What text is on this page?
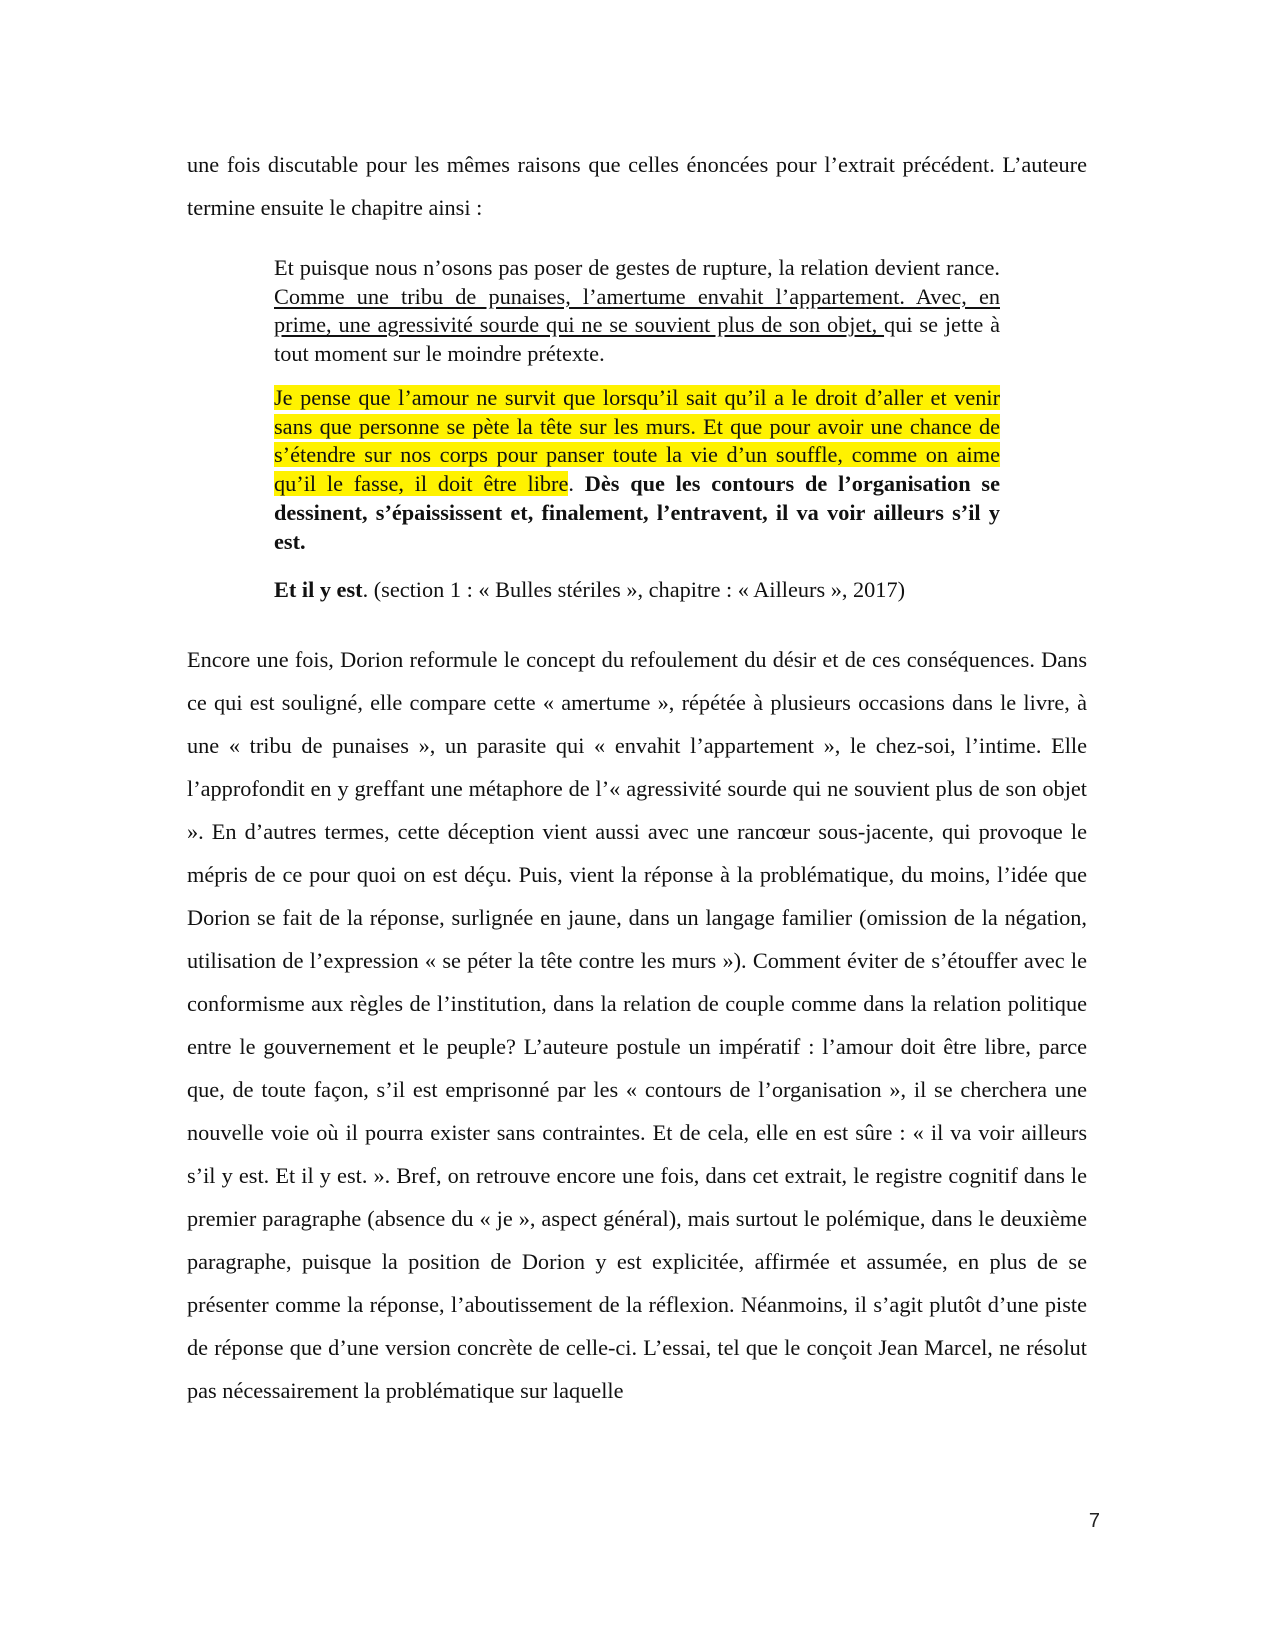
une fois discutable pour les mêmes raisons que celles énoncées pour l’extrait précédent. L’auteure termine ensuite le chapitre ainsi :

Et puisque nous n’osons pas poser de gestes de rupture, la relation devient rance. Comme une tribu de punaises, l’amertume envahit l’appartement. Avec, en prime, une agressivité sourde qui ne se souvient plus de son objet, qui se jette à tout moment sur le moindre prétexte.

Je pense que l’amour ne survit que lorsqu’il sait qu’il a le droit d’aller et venir sans que personne se pète la tête sur les murs. Et que pour avoir une chance de s’étendre sur nos corps pour panser toute la vie d’un souffle, comme on aime qu’il le fasse, il doit être libre. Dès que les contours de l’organisation se dessinent, s’épaississent et, finalement, l’entravent, il va voir ailleurs s’il y est.

Et il y est. (section 1 : « Bulles stériles », chapitre : « Ailleurs », 2017)

Encore une fois, Dorion reformule le concept du refoulement du désir et de ces conséquences. Dans ce qui est souligné, elle compare cette « amertume », répétée à plusieurs occasions dans le livre, à une « tribu de punaises », un parasite qui « envahit l’appartement », le chez-soi, l’intime. Elle l’approfondit en y greffant une métaphore de l’« agressivité sourde qui ne souvient plus de son objet ». En d’autres termes, cette déception vient aussi avec une rancœur sous-jacente, qui provoque le mépris de ce pour quoi on est déçu. Puis, vient la réponse à la problématique, du moins, l’idée que Dorion se fait de la réponse, surlignée en jaune, dans un langage familier (omission de la négation, utilisation de l’expression « se péter la tête contre les murs »). Comment éviter de s’étouffer avec le conformisme aux règles de l’institution, dans la relation de couple comme dans la relation politique entre le gouvernement et le peuple? L’auteure postule un impératif : l’amour doit être libre, parce que, de toute façon, s’il est emprisonné par les « contours de l’organisation », il se cherchera une nouvelle voie où il pourra exister sans contraintes. Et de cela, elle en est sûre : « il va voir ailleurs s’il y est. Et il y est. ». Bref, on retrouve encore une fois, dans cet extrait, le registre cognitif dans le premier paragraphe (absence du « je », aspect général), mais surtout le polémique, dans le deuxième paragraphe, puisque la position de Dorion y est explicitée, affirmée et assumée, en plus de se présenter comme la réponse, l’aboutissement de la réflexion. Néanmoins, il s’agit plutôt d’une piste de réponse que d’une version concrète de celle-ci. L’essai, tel que le conçoit Jean Marcel, ne résolut pas nécessairement la problématique sur laquelle

7
